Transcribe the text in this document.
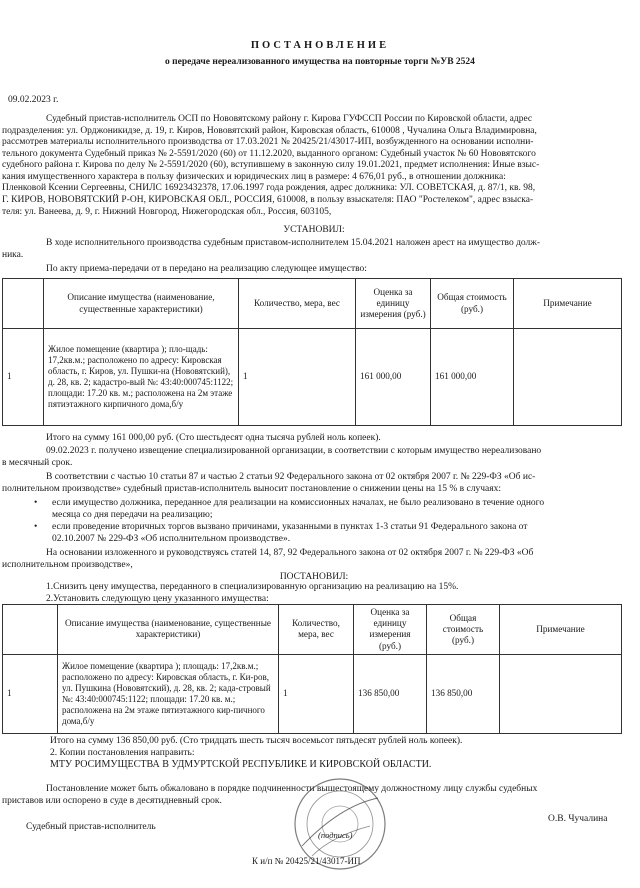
ПОСТАНОВЛЕНИЕ
о передаче нереализованного имущества на повторные торги №УВ 2524
09.02.2023 г.
Судебный пристав-исполнитель ОСП по Нововятскому району г. Кирова ГУФССП России по Кировской области, адрес
подразделения: ул. Орджоникидзе, д. 19, г. Киров, Нововятский район, Кировская область, 610008 , Чучалина Ольга Владимировна,
рассмотрев материалы исполнительного производства от 17.03.2021 № 20425/21/43017-ИП, возбужденного на основании исполни-
тельного документа Судебный приказ № 2-5591/2020 (60) от 11.12.2020, выданного органом: Судебный участок № 60 Нововятского
судебного района г. Кирова по делу № 2-5591/2020 (60), вступившему в законную силу 19.01.2021, предмет исполнения: Иные взыс-
кания имущественного характера в пользу физических и юридических лиц в размере: 4 676,01 руб., в отношении должника:
Пленковой Ксении Сергеевны, СНИЛС 16923432378, 17.06.1997 года рождения, адрес должника: УЛ. СОВЕТСКАЯ, д. 87/1, кв. 98,
Г. КИРОВ, НОВОВЯТСКИЙ Р-ОН, КИРОВСКАЯ ОБЛ., РОССИЯ, 610008, в пользу взыскателя: ПАО "Ростелеком", адрес взыска-
теля: ул. Ванеева, д. 9, г. Нижний Новгород, Нижегородская обл., Россия, 603105,
УСТАНОВИЛ:
В ходе исполнительного производства судебным приставом-исполнителем 15.04.2021 наложен арест на имущество долж-
ника.
По акту приема-передачи от в передано на реализацию следующее имущество:
	Описание имущества (наименование, существенные характеристики)	Количество, мера, вес	Оценка за единицу измерения (руб.)	Общая стоимость (руб.)	Примечание
1	Жилое помещение (квартира ); пло-щадь: 17,2кв.м.; расположено по адресу: Кировская область, г. Киров, ул. Пушки-на (Нововятский), д. 28, кв. 2; кадастро-вый №: 43:40:000745:1122; площади: 17.20 кв. м.; расположена на 2м этаже пятиэтажного кирпичного дома,б/у	1	161 000,00	161 000,00	
Итого на сумму 161 000,00 руб. (Сто шестьдесят одна тысяча рублей ноль копеек).
09.02.2023 г. получено извещение специализированной организации, в соответствии с которым имущество нереализовано
в месячный срок.
В соответствии с частью 10 статьи 87 и частью 2 статьи 92 Федерального закона от 02 октября 2007 г. № 229-ФЗ «Об ис-
полнительном производстве» судебный пристав-исполнитель выносит постановление о снижении цены на 15 % в случаях:
• если имущество должника, переданное для реализации на комиссионных началах, не было реализовано в течение одного
месяца со дня передачи на реализацию;
• если проведение вторичных торгов вызвано причинами, указанными в пунктах 1-3 статьи 91 Федерального закона от
02.10.2007 № 229-ФЗ «Об исполнительном производстве».
На основании изложенного и руководствуясь статей 14, 87, 92 Федерального закона от 02 октября 2007 г. № 229-ФЗ «Об
исполнительном производстве»,
ПОСТАНОВИЛ:
1.Снизить цену имущества, переданного в специализированную организацию на реализацию на 15%.
2.Установить следующую цену указанного имущества:
	Описание имущества (наименование, существенные характеристики)	Количество, мера, вес	Оценка за единицу измерения (руб.)	Общая стоимость (руб.)	Примечание
1	Жилое помещение (квартира ); площадь: 17,2кв.м.; расположено по адресу: Кировская область, г. Ки-ров, ул. Пушкина (Нововятский), д. 28, кв. 2; када-стровый №: 43:40:000745:1122; площади: 17.20 кв. м.; расположена на 2м этаже пятиэтажного кир-пичного дома,б/у	1	136 850,00	136 850,00	
Итого на сумму 136 850,00 руб. (Сто тридцать шесть тысяч восемьсот пятьдесят рублей ноль копеек).
2. Копии постановления направить:
МТУ РОСИМУЩЕСТВА В УДМУРТСКОЙ РЕСПУБЛИКЕ И КИРОВСКОЙ ОБЛАСТИ.
Постановление может быть обжаловано в порядке подчиненности вышестоящему должностному лицу службы судебных
приставов или оспорено в суде в десятидневный срок.
Судебный пристав-исполнитель
(подпись)
О.В. Чучалина
К и/п № 20425/21/43017-ИП
